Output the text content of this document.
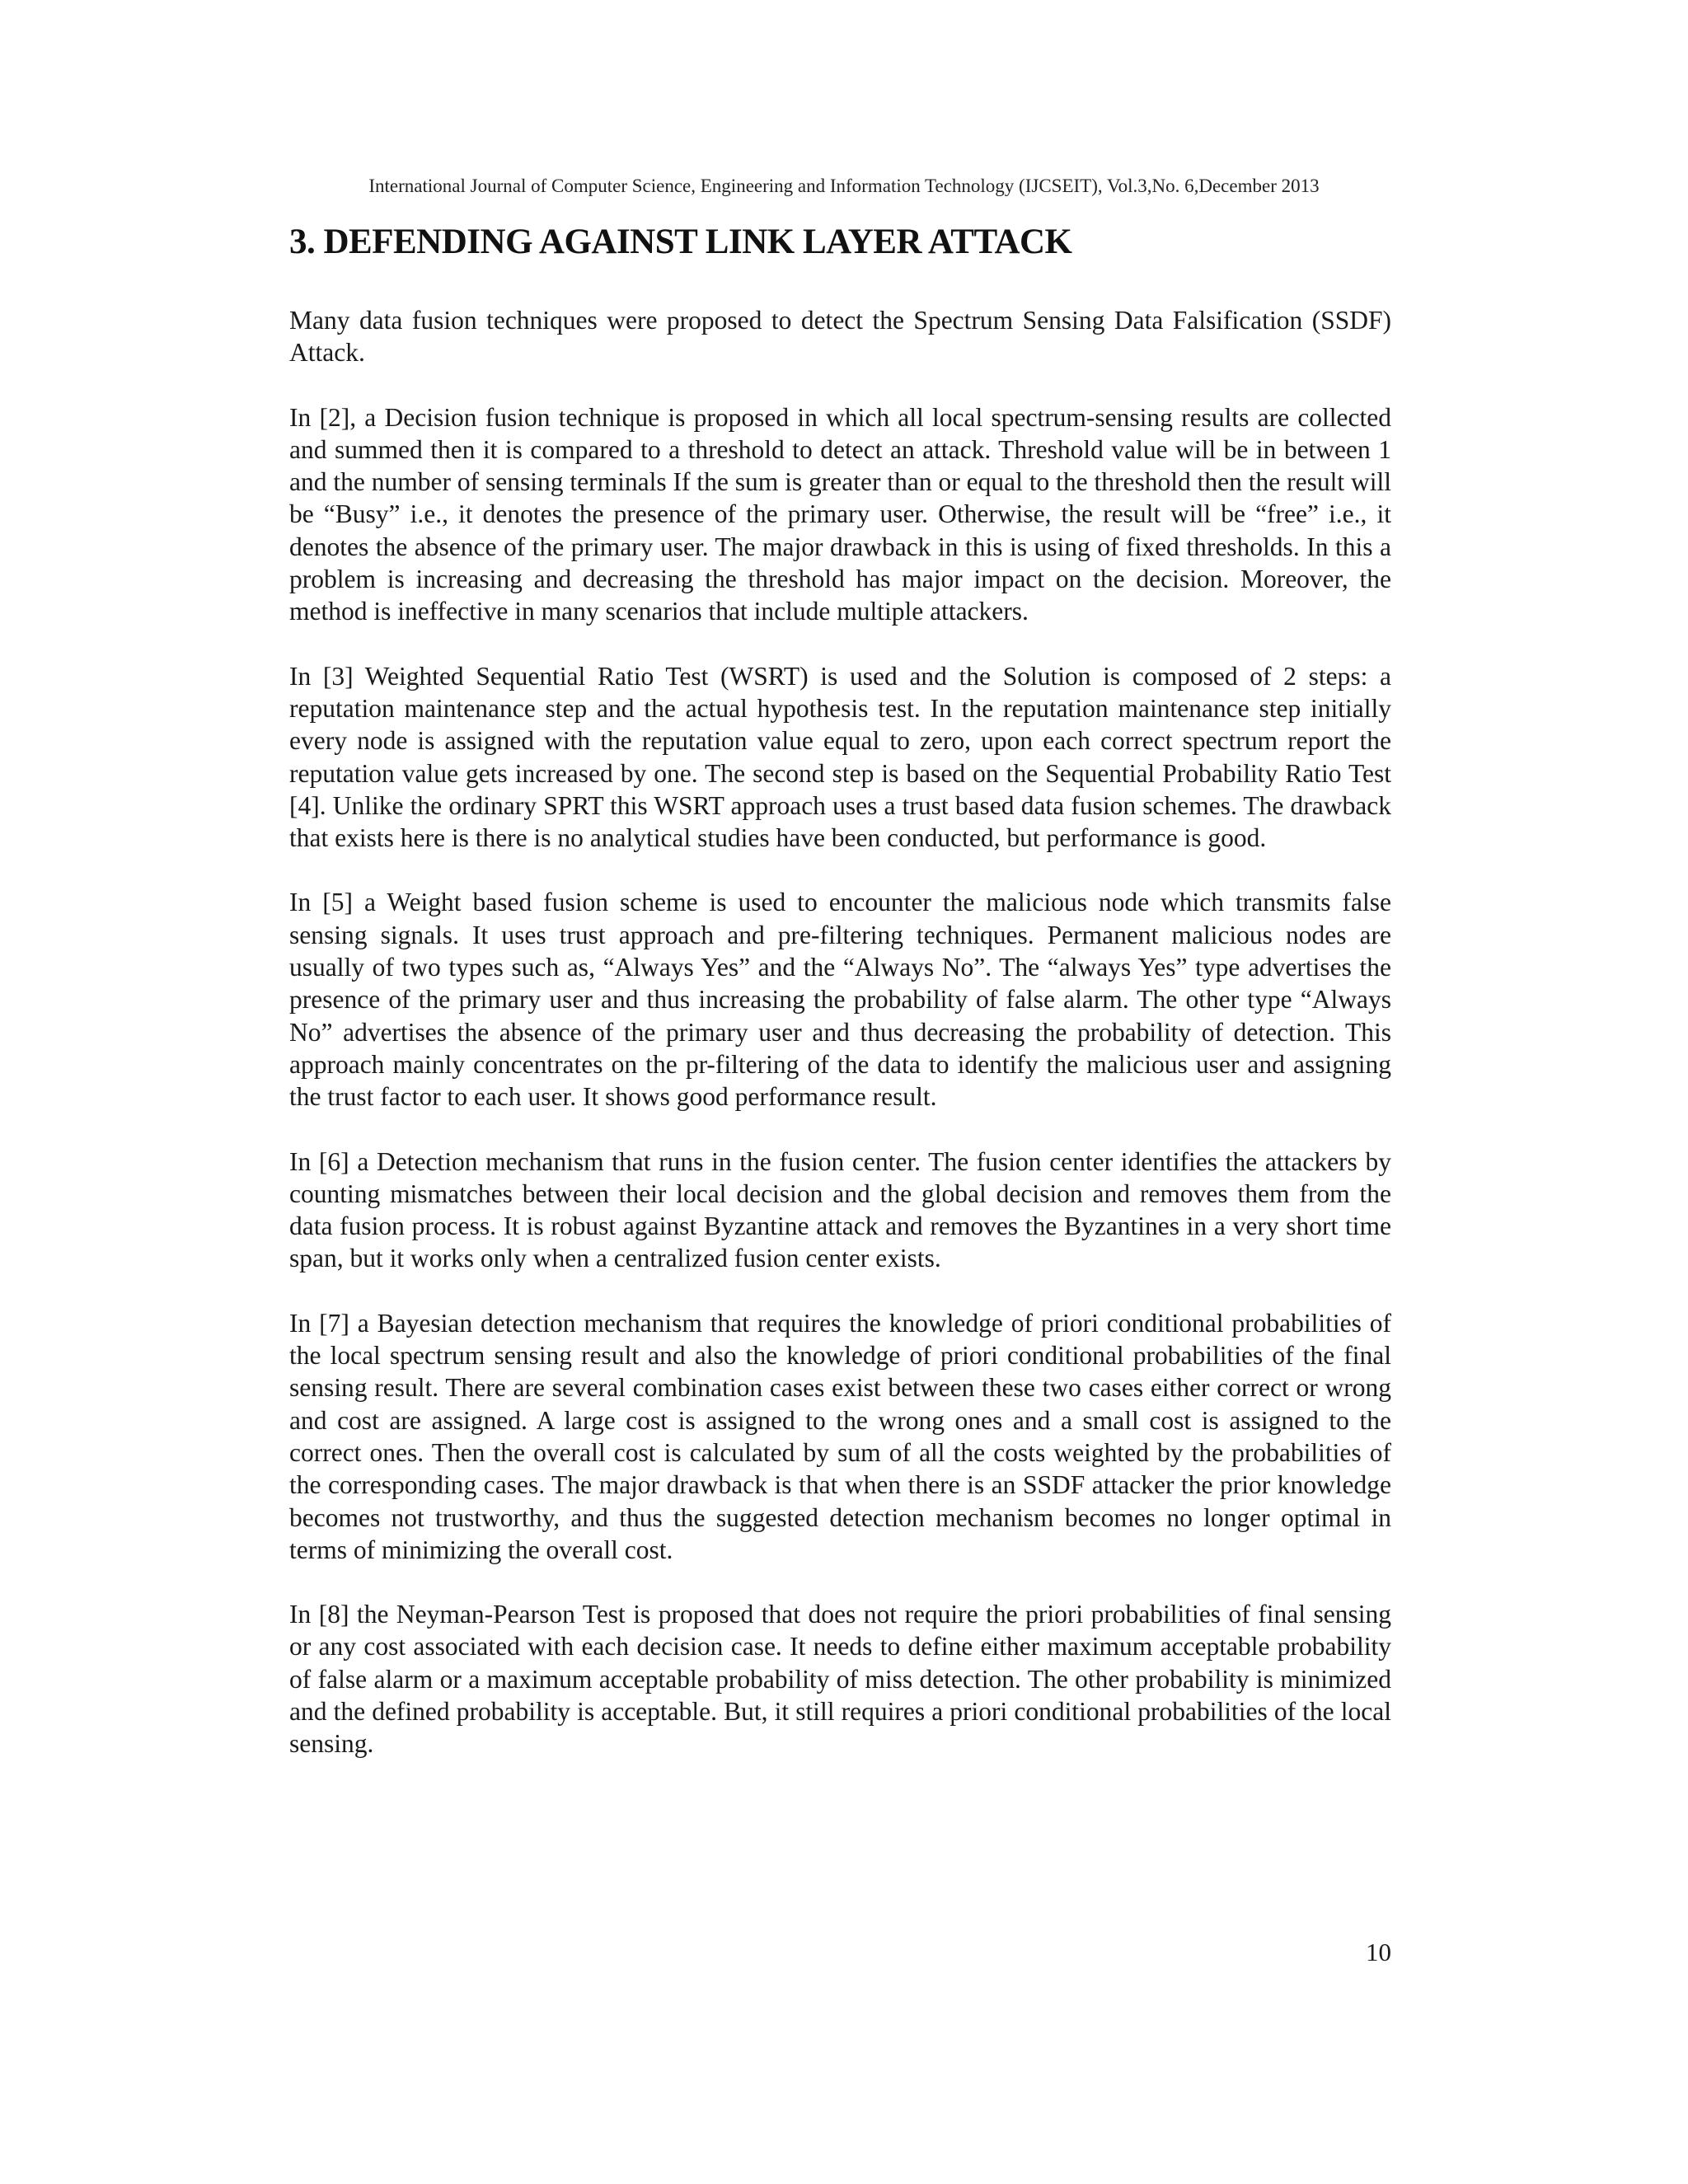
International Journal of Computer Science, Engineering and Information Technology (IJCSEIT), Vol.3,No. 6,December 2013
3. DEFENDING AGAINST LINK LAYER ATTACK

Many data fusion techniques were proposed to detect the Spectrum Sensing Data Falsification (SSDF) Attack.

In [2], a Decision fusion technique is proposed in which all local spectrum-sensing results are collected and summed then it is compared to a threshold to detect an attack. Threshold value will be in between 1 and the number of sensing terminals If the sum is greater than or equal to the threshold then the result will be “Busy” i.e., it denotes the presence of the primary user. Otherwise, the result will be “free” i.e., it denotes the absence of the primary user. The major drawback in this is using of fixed thresholds. In this a problem is increasing and decreasing the threshold has major impact on the decision. Moreover, the method is ineffective in many scenarios that include multiple attackers.

In [3] Weighted Sequential Ratio Test (WSRT) is used and the Solution is composed of 2 steps: a reputation maintenance step and the actual hypothesis test. In the reputation maintenance step initially every node is assigned with the reputation value equal to zero, upon each correct spectrum report the reputation value gets increased by one. The second step is based on the Sequential Probability Ratio Test [4]. Unlike the ordinary SPRT this WSRT approach uses a trust based data fusion schemes. The drawback that exists here is there is no analytical studies have been conducted, but performance is good.

In [5] a Weight based fusion scheme is used to encounter the malicious node which transmits false sensing signals. It uses trust approach and pre-filtering techniques. Permanent malicious nodes are usually of two types such as, “Always Yes” and the “Always No”. The “always Yes” type advertises the presence of the primary user and thus increasing the probability of false alarm. The other type “Always No” advertises the absence of the primary user and thus decreasing the probability of detection. This approach mainly concentrates on the pr-filtering of the data to identify the malicious user and assigning the trust factor to each user. It shows good performance result.

In [6] a Detection mechanism that runs in the fusion center. The fusion center identifies the attackers by counting mismatches between their local decision and the global decision and removes them from the data fusion process. It is robust against Byzantine attack and removes the Byzantines in a very short time span, but it works only when a centralized fusion center exists.

In [7] a Bayesian detection mechanism that requires the knowledge of priori conditional probabilities of the local spectrum sensing result and also the knowledge of priori conditional probabilities of the final sensing result. There are several combination cases exist between these two cases either correct or wrong and cost are assigned. A large cost is assigned to the wrong ones and a small cost is assigned to the correct ones. Then the overall cost is calculated by sum of all the costs weighted by the probabilities of the corresponding cases. The major drawback is that when there is an SSDF attacker the prior knowledge becomes not trustworthy, and thus the suggested detection mechanism becomes no longer optimal in terms of minimizing the overall cost.

In [8] the Neyman-Pearson Test is proposed that does not require the priori probabilities of final sensing or any cost associated with each decision case. It needs to define either maximum acceptable probability of false alarm or a maximum acceptable probability of miss detection. The other probability is minimized and the defined probability is acceptable. But, it still requires a priori conditional probabilities of the local sensing.

10
